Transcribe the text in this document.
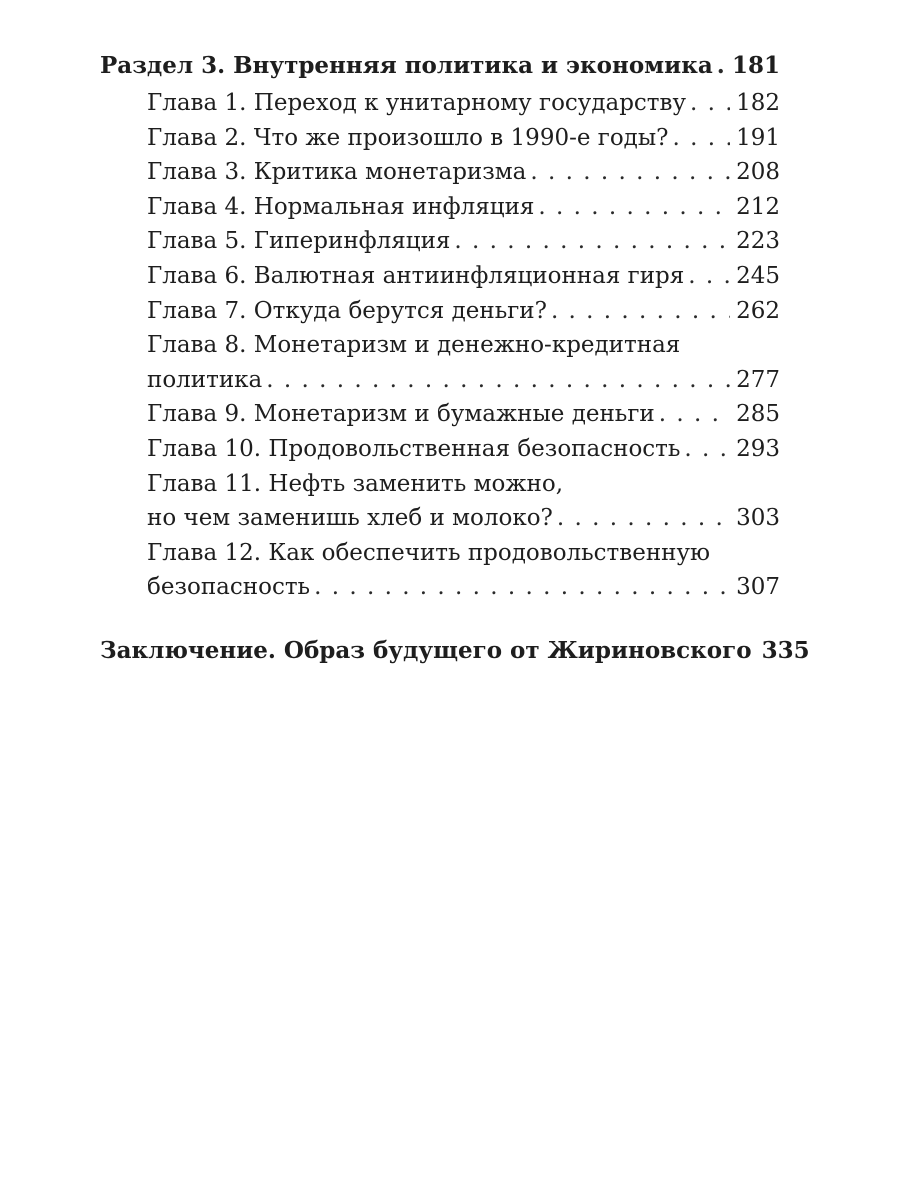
Раздел 3. Внутренняя политика и экономика . . . 181
Глава 1. Переход к унитарному государству . . . 182
Глава 2. Что же произошло в 1990-е годы? . . .	191
Глава 3. Критика монетаризма . . .	208
Глава 4. Нормальная инфляция . . .	212
Глава 5. Гиперинфляция . . .	223
Глава 6. Валютная антиинфляционная гиря . . . 245
Глава 7. Откуда берутся деньги? . . .	262
Глава 8. Монетаризм и денежно-кредитная
политика . . .	277
Глава 9. Монетаризм и бумажные деньги . . .	285
Глава 10. Продовольственная безопасность . . . 293
Глава 11. Нефть заменить можно,
но чем заменишь хлеб и молоко? . . .	303
Глава 12. Как обеспечить продовольственную
безопасность . . .	307
Заключение. Образ будущего от Жириновского 335
